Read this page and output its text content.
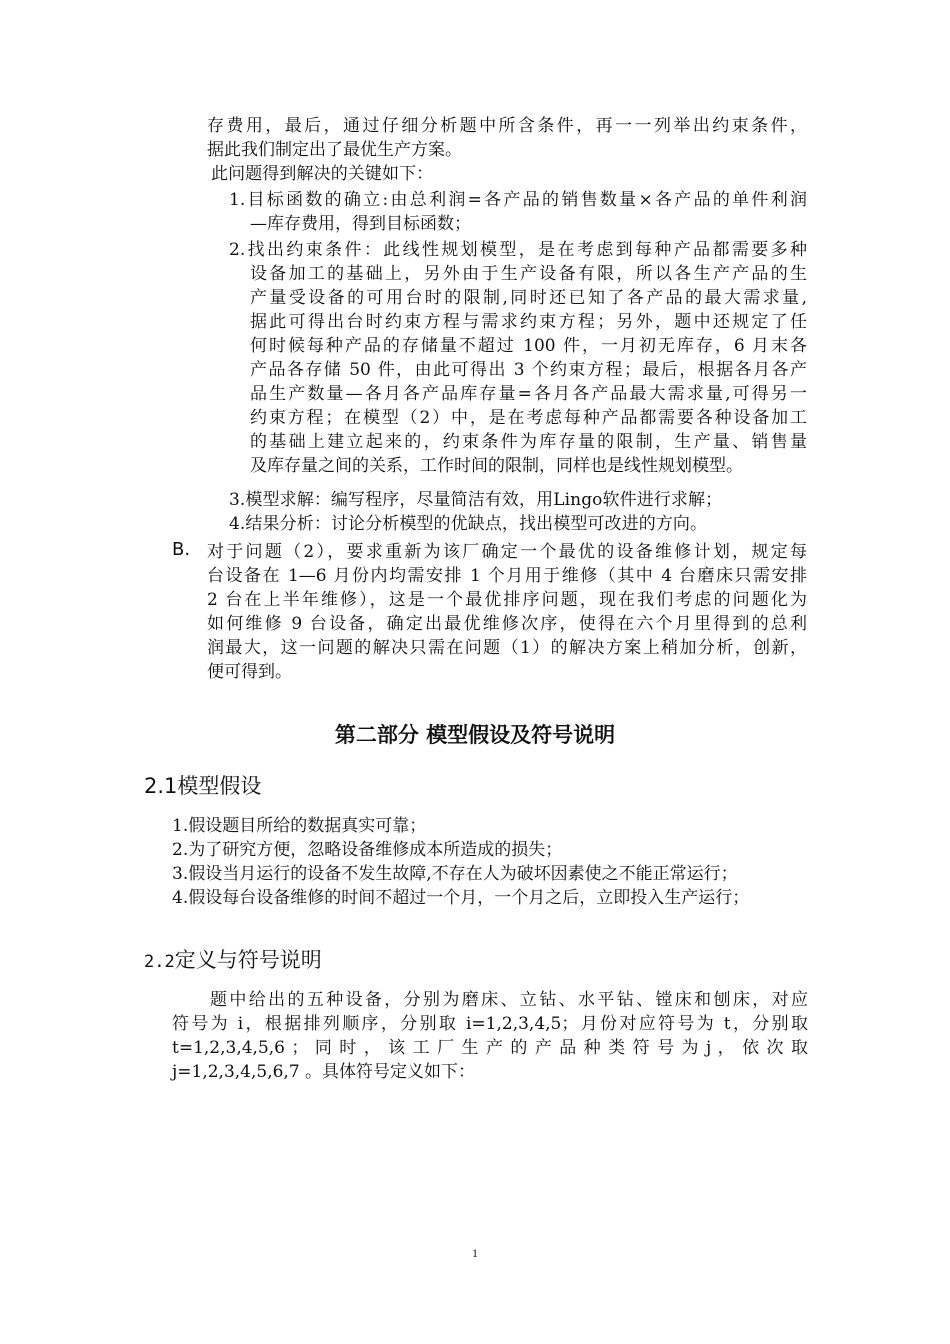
存费用，最后，通过仔细分析题中所含条件，再一一列举出约束条件，
据此我们制定出了最优生产方案。
此问题得到解决的关键如下：
1.目标函数的确立:由总利润=各产品的销售数量×各产品的单件利润
—库存费用，得到目标函数；
2.找出约束条件：此线性规划模型，是在考虑到每种产品都需要多种
设备加工的基础上，另外由于生产设备有限，所以各生产产品的生
产量受设备的可用台时的限制,同时还已知了各产品的最大需求量,
据此可得出台时约束方程与需求约束方程；另外，题中还规定了任
何时候每种产品的存储量不超过 100 件，一月初无库存，6 月末各
产品各存储 50 件，由此可得出 3 个约束方程；最后，根据各月各产
品生产数量—各月各产品库存量=各月各产品最大需求量,可得另一
约束方程；在模型（2）中，是在考虑每种产品都需要各种设备加工
的基础上建立起来的，约束条件为库存量的限制，生产量、销售量
及库存量之间的关系，工作时间的限制，同样也是线性规划模型。
3.模型求解：编写程序，尽量简洁有效，用Lingo软件进行求解；
4.结果分析：讨论分析模型的优缺点，找出模型可改进的方向。
B. 对于问题（2），要求重新为该厂确定一个最优的设备维修计划，规定每
台设备在 1—6 月份内均需安排 1 个月用于维修（其中 4 台磨床只需安排
2 台在上半年维修），这是一个最优排序问题，现在我们考虑的问题化为
如何维修 9 台设备，确定出最优维修次序，使得在六个月里得到的总利
润最大，这一问题的解决只需在问题（1）的解决方案上稍加分析，创新，
便可得到。
第二部分 模型假设及符号说明
2.1模型假设
1.假设题目所给的数据真实可靠；
2.为了研究方便，忽略设备维修成本所造成的损失；
3.假设当月运行的设备不发生故障,不存在人为破坏因素使之不能正常运行；
4.假设每台设备维修的时间不超过一个月，一个月之后，立即投入生产运行；
2.2定义与符号说明
题中给出的五种设备，分别为磨床、立钻、水平钻、镗床和刨床，对应
符号为 i，根据排列顺序，分别取 i=1,2,3,4,5；月份对应符号为 t，分别取
t=1,2,3,4,5,6 ； 同 时 ， 该 工 厂 生 产 的 产 品 种 类 符 号 为 j ， 依 次 取
j=1,2,3,4,5,6,7 。具体符号定义如下：
1
